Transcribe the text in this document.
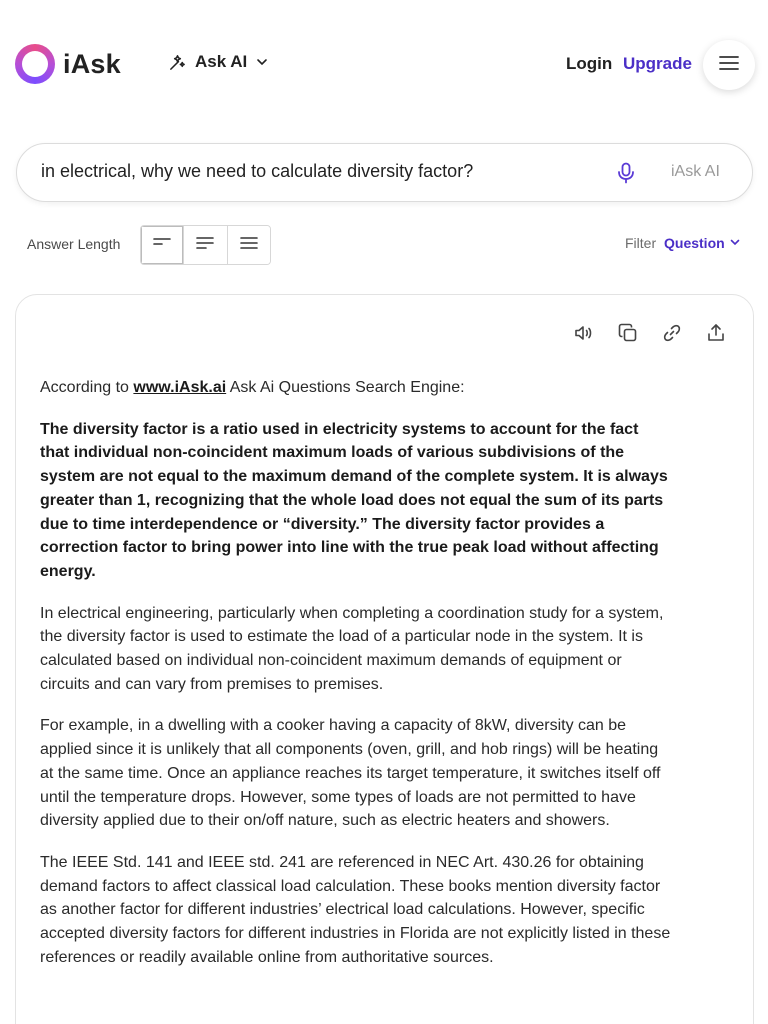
iAsk	Ask AI	Login Upgrade
in electrical, why we need to calculate diversity factor?
iAsk AI
Answer Length	Filter Question

According to www.iAsk.ai Ask Ai Questions Search Engine:

The diversity factor is a ratio used in electricity systems to account for the fact that individual non-coincident maximum loads of various subdivisions of the system are not equal to the maximum demand of the complete system. It is always greater than 1, recognizing that the whole load does not equal the sum of its parts due to time interdependence or “diversity.” The diversity factor provides a correction factor to bring power into line with the true peak load without affecting energy.

In electrical engineering, particularly when completing a coordination study for a system, the diversity factor is used to estimate the load of a particular node in the system. It is calculated based on individual non-coincident maximum demands of equipment or circuits and can vary from premises to premises.

For example, in a dwelling with a cooker having a capacity of 8kW, diversity can be applied since it is unlikely that all components (oven, grill, and hob rings) will be heating at the same time. Once an appliance reaches its target temperature, it switches itself off until the temperature drops. However, some types of loads are not permitted to have diversity applied due to their on/off nature, such as electric heaters and showers.

The IEEE Std. 141 and IEEE std. 241 are referenced in NEC Art. 430.26 for obtaining demand factors to affect classical load calculation. These books mention diversity factor as another factor for different industries’ electrical load calculations. However, specific accepted diversity factors for different industries in Florida are not explicitly listed in these references or readily available online from authoritative sources.
